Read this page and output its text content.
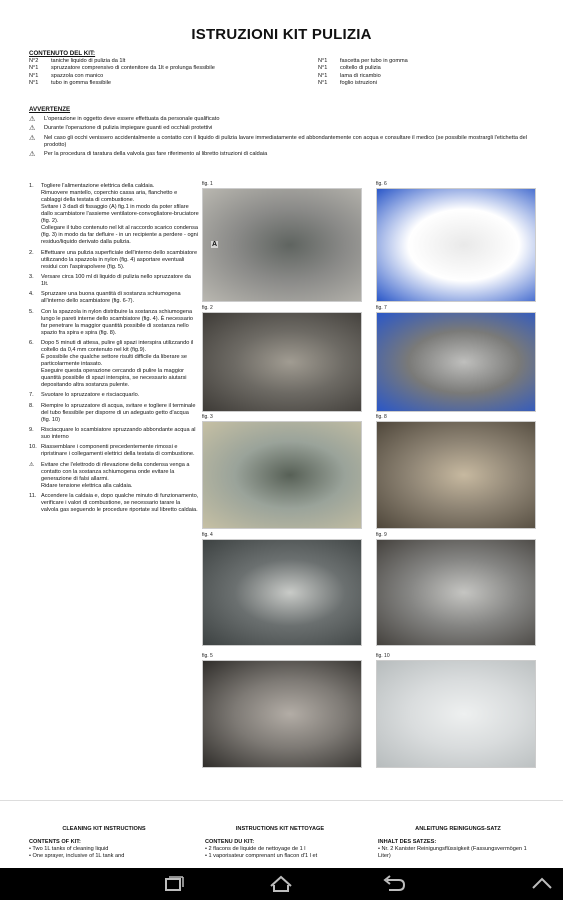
ISTRUZIONI KIT PULIZIA
CONTENUTO DEL KIT:
N°2	taniche liquido di pulizia da 1lt
N°1	spruzzatore comprensivo di contenitore da 1lt e prolunga flessibile
N°1	spazzola con manico
N°1	tubo in gomma flessibile
N°1	fascetta per tubo in gomma
N°1	coltello di pulizia
N°1	lama di ricambio
N°1	foglio istruzioni
AVVERTENZE
⚠	L'operazione in oggetto deve essere effettuata da personale qualificato
⚠	Durante l'operazione di pulizia impiegare guanti ed occhiali protettivi
⚠	Nel caso gli occhi venissero accidentalmente a contatto con il liquido di pulizia lavare immediatamente ed abbondantemente con acqua e consultare il medico (se possibile mostrargli l'etichetta del prodotto)
⚠	Per la procedura di taratura della valvola gas fare riferimento al libretto istruzioni di caldaia
1.	Togliere l'alimentazione elettrica della caldaia.
Rimuovere mantello, coperchio cassa aria, flanchetto e cablaggi della testata di combustione.
Svitare i 3 dadi di fissaggio (A) fig.1 in modo da poter sfilare dallo scambiatore l'assieme ventilatore-convogliatore-bruciatore (fig. 2).
Collegare il tubo contenuto nel kit al raccordo scarico condensa (fig. 3) in modo da far defluire - in un recipiente a perdere - ogni residuo/liquido derivato dalla pulizia.
2.	Effettuare una pulizia superficiale dell'interno dello scambiatore utilizzando la spazzola in nylon (fig. 4) asportare eventuali residui con l'aspirapolvere (fig. 5).
3.	Versare circa 100 ml di liquido di pulizia nello spruzzatore da 1lt.
4.	Spruzzare una buona quantità di sostanza schiumogena all'interno dello scambiatore (fig. 6-7).
5.	Con la spazzola in nylon distribuire la sostanza schiumogena lungo le pareti interne dello scambiatore (fig. 4). È necessario far penetrare la maggior quantità possibile di sostanza nello spazio fra spira e spira (fig. 8).
6.	Dopo 5 minuti di attesa, pulire gli spazi interspira utilizzando il coltello da 0,4 mm contenuto nel kit (fig.9).
È possibile che qualche settore risulti difficile da liberare se particolarmente intasato.
Eseguire questa operazione cercando di pulire la maggior quantità possibile di spazi interspira, se necessario aiutarsi depositando altra sostanza pulente.
7.	Svuotare lo spruzzatore e risciacquarlo.
8.	Riempire lo spruzzatore di acqua, svitare e togliere il terminale del tubo flessibile per disporre di un adeguato getto d'acqua (fig. 10)
9.	Risciacquare lo scambiatore spruzzando abbondante acqua al suo interno
10. Riassemblare i componenti precedentemente rimossi e ripristinare i collegamenti elettrici della testata di combustione.
⚠	Evitare che l'elettrodo di rilevazione della condensa venga a contatto con la sostanza schiumogena onde evitare la generazione di falsi allarmi.
Ridare tensione elettrica alla caldaia.
11. Accendere la caldaia e, dopo qualche minuto di funzionamento, verificare i valori di combustione, se necessario tarare la valvola gas seguendo le procedure riportate sul libretto caldaia.
fig. 1
A
fig. 2
fig. 3
fig. 4
fig. 5
fig. 6
fig. 7
fig. 8
fig. 9
fig. 10
CLEANING KIT INSTRUCTIONS
CONTENTS OF KIT:
• Two 1L tanks of cleaning liquid
• One sprayer, inclusive of 1L tank and
INSTRUCTIONS KIT NETTOYAGE
CONTENU DU KIT:
• 2 flacons de liquide de nettoyage de 1 l
• 1 vaporisateur comprenant un flacon d'1 l et
ANLEITUNG REINIGUNGS-SATZ
INHALT DES SATZES:
• Nr. 2 Kanister Reinigungsflüssigkeit (Fassungsvermögen 1 Liter)
